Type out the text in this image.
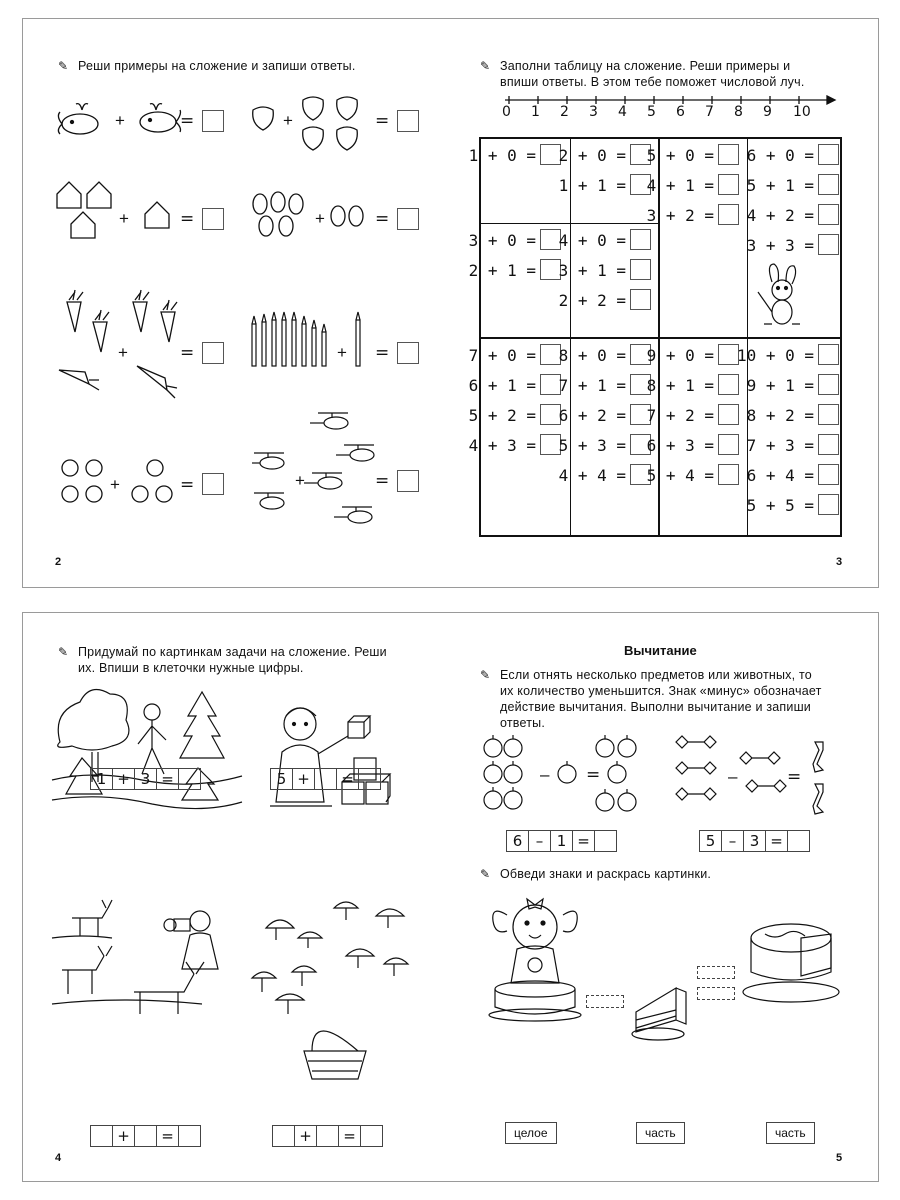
✎ Реши примеры на сложение и запиши ответы.
+	=	+	=
+	=	+	=
+	=	+ =
+	=	+	=
2
✎ Заполни таблицу на сложение. Реши примеры и
впиши ответы. В этом тебе поможет числовой луч.
0 1 2 3 4 5 6 7 8 9 10
1 + 0 = 2 + 0 =
1 + 1 =
5 + 0 =
4 + 1 =
3 + 2 =
6 + 0 =
5 + 1 =
4 + 2 =
3 + 3 =
3 + 0 =
2 + 1 =
4 + 0 =
3 + 1 =
2 + 2 =
7 + 0 =
6 + 1 =
5 + 2 =
4 + 3 =
8 + 0 =
7 + 1 =
6 + 2 =
5 + 3 =
4 + 4 =
9 + 0 =
8 + 1 =
7 + 2 =
6 + 3 =
5 + 4 =
10 + 0 =
9 + 1 =
8 + 2 =
7 + 3 =
6 + 4 =
5 + 5 =
3
✎ Придумай по картинкам задачи на сложение. Реши
их. Впиши в клеточки нужные цифры.
1 + 3 =	5 +	=
+	=	+	=
4
Вычитание
✎ Если отнять несколько предметов или животных, то
их количество уменьшится. Знак «минус» обозначает
действие вычитания. Выполни вычитание и запиши
ответы.
– =	–	=
6 – 1 =	5 – 3 =
✎ Обведи знаки и раскрась картинки.
целое	часть	часть
5
